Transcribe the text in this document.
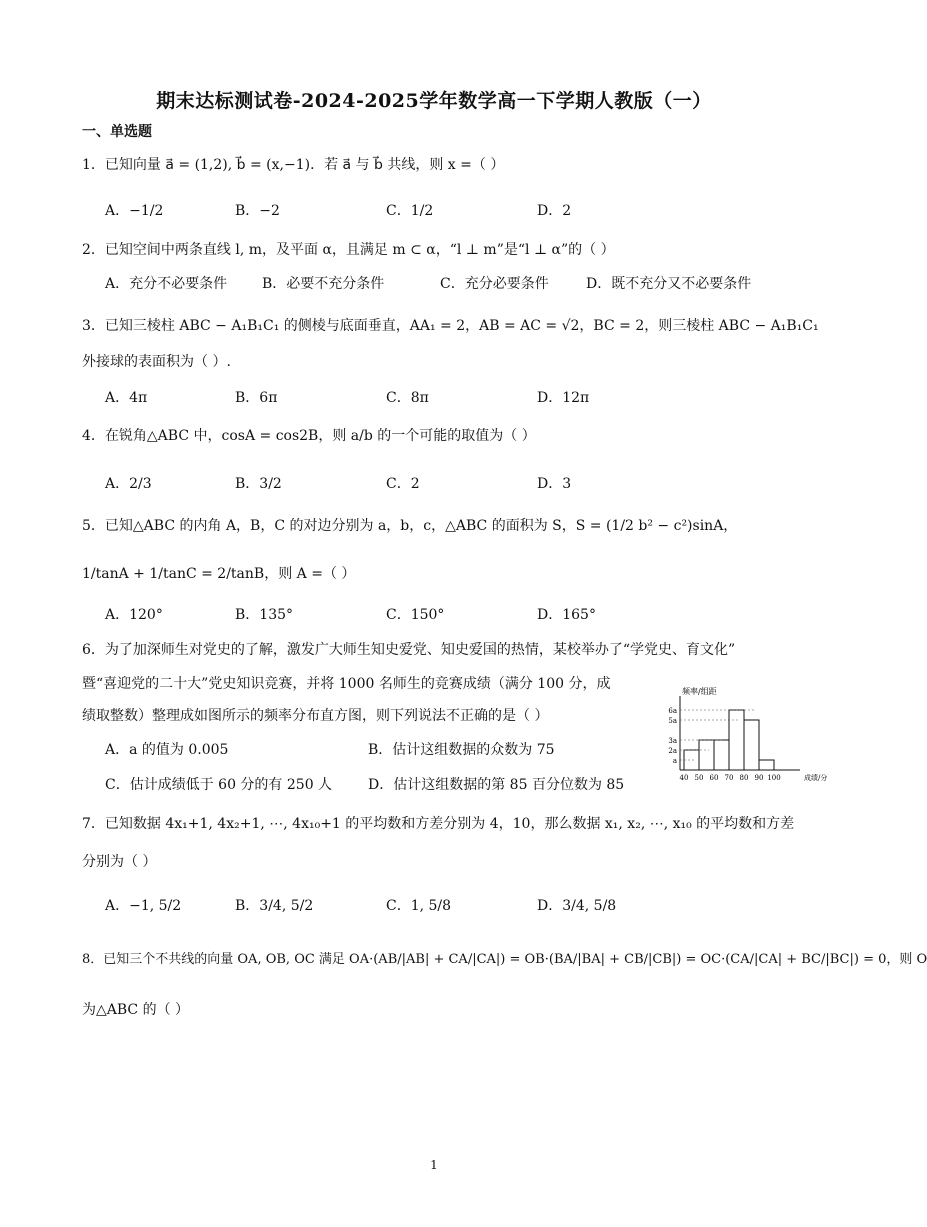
期末达标测试卷-2024-2025学年数学高一下学期人教版（一）
一、单选题
1．已知向量 a⃗ = (1,2), b⃗ = (x,−1)．若 a⃗ 与 b⃗ 共线，则 x =（ ）
A．−1/2	B．−2	C．1/2	D．2
2．已知空间中两条直线 l, m，及平面 α，且满足 m ⊂ α，“l ⊥ m”是“l ⊥ α”的（ ）
A．充分不必要条件 B．必要不充分条件	C．充分必要条件	D．既不充分又不必要条件
3．已知三棱柱 ABC − A₁B₁C₁ 的侧棱与底面垂直，AA₁ = 2，AB = AC = √2，BC = 2，则三棱柱 ABC − A₁B₁C₁
外接球的表面积为（ ）.
A．4π	B．6π	C．8π	D．12π
4．在锐角△ABC 中，cosA = cos2B，则 a/b 的一个可能的取值为（ ）
A．2/3	B．3/2	C．2	D．3
5．已知△ABC 的内角 A，B，C 的对边分别为 a，b，c，△ABC 的面积为 S，S = (1/2 b² − c²)sinA，
1/tanA + 1/tanC = 2/tanB，则 A =（ ）
A．120°	B．135°	C．150°	D．165°
6．为了加深师生对党史的了解，激发广大师生知史爱党、知史爱国的热情，某校举办了“学党史、育文化”
暨“喜迎党的二十大”党史知识竞赛，并将 1000 名师生的竞赛成绩（满分 100 分，成
绩取整数）整理成如图所示的频率分布直方图，则下列说法不正确的是（ ）
A．a 的值为 0.005	B．估计这组数据的众数为 75
C．估计成绩低于 60 分的有 250 人	D．估计这组数据的第 85 百分位数为 85
a
2a
3a
5a
6a
40 50 60 70 80 90 100
频率/组距
成绩/分
7．已知数据 4x₁+1, 4x₂+1, ⋯, 4x₁₀+1 的平均数和方差分别为 4，10，那么数据 x₁, x₂, ⋯, x₁₀ 的平均数和方差
分别为（ ）
A．−1, 5/2	B．3/4, 5/2	C．1, 5/8	D．3/4, 5/8
8．已知三个不共线的向量 OA, OB, OC 满足 OA·(AB/|AB| + CA/|CA|) = OB·(BA/|BA| + CB/|CB|) = OC·(CA/|CA| + BC/|BC|) = 0，则 O
为△ABC 的（ ）
1
